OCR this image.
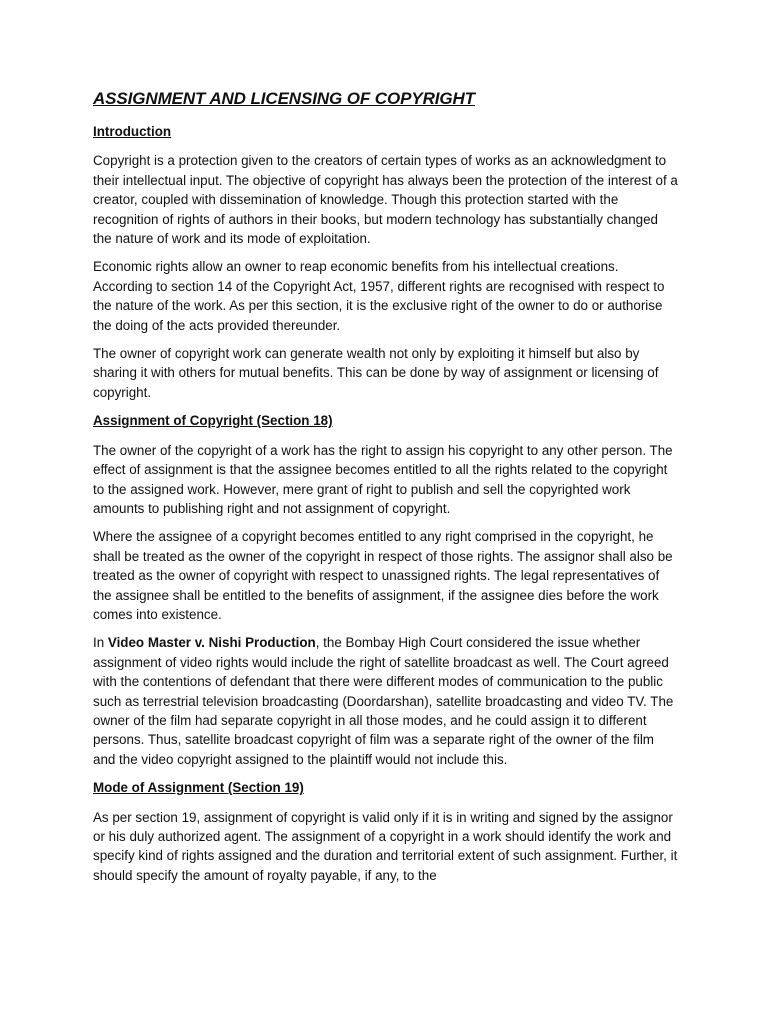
ASSIGNMENT AND LICENSING OF COPYRIGHT
Introduction

Copyright is a protection given to the creators of certain types of works as an acknowledgment to their intellectual input. The objective of copyright has always been the protection of the interest of a creator, coupled with dissemination of knowledge. Though this protection started with the recognition of rights of authors in their books, but modern technology has substantially changed the nature of work and its mode of exploitation.

Economic rights allow an owner to reap economic benefits from his intellectual creations. According to section 14 of the Copyright Act, 1957, different rights are recognised with respect to the nature of the work. As per this section, it is the exclusive right of the owner to do or authorise the doing of the acts provided thereunder.

The owner of copyright work can generate wealth not only by exploiting it himself but also by sharing it with others for mutual benefits. This can be done by way of assignment or licensing of copyright.

Assignment of Copyright (Section 18)

The owner of the copyright of a work has the right to assign his copyright to any other person. The effect of assignment is that the assignee becomes entitled to all the rights related to the copyright to the assigned work. However, mere grant of right to publish and sell the copyrighted work amounts to publishing right and not assignment of copyright.

Where the assignee of a copyright becomes entitled to any right comprised in the copyright, he shall be treated as the owner of the copyright in respect of those rights. The assignor shall also be treated as the owner of copyright with respect to unassigned rights. The legal representatives of the assignee shall be entitled to the benefits of assignment, if the assignee dies before the work comes into existence.

In Video Master v. Nishi Production, the Bombay High Court considered the issue whether assignment of video rights would include the right of satellite broadcast as well. The Court agreed with the contentions of defendant that there were different modes of communication to the public such as terrestrial television broadcasting (Doordarshan), satellite broadcasting and video TV. The owner of the film had separate copyright in all those modes, and he could assign it to different persons. Thus, satellite broadcast copyright of film was a separate right of the owner of the film and the video copyright assigned to the plaintiff would not include this.

Mode of Assignment (Section 19)

As per section 19, assignment of copyright is valid only if it is in writing and signed by the assignor or his duly authorized agent. The assignment of a copyright in a work should identify the work and specify kind of rights assigned and the duration and territorial extent of such assignment. Further, it should specify the amount of royalty payable, if any, to the
